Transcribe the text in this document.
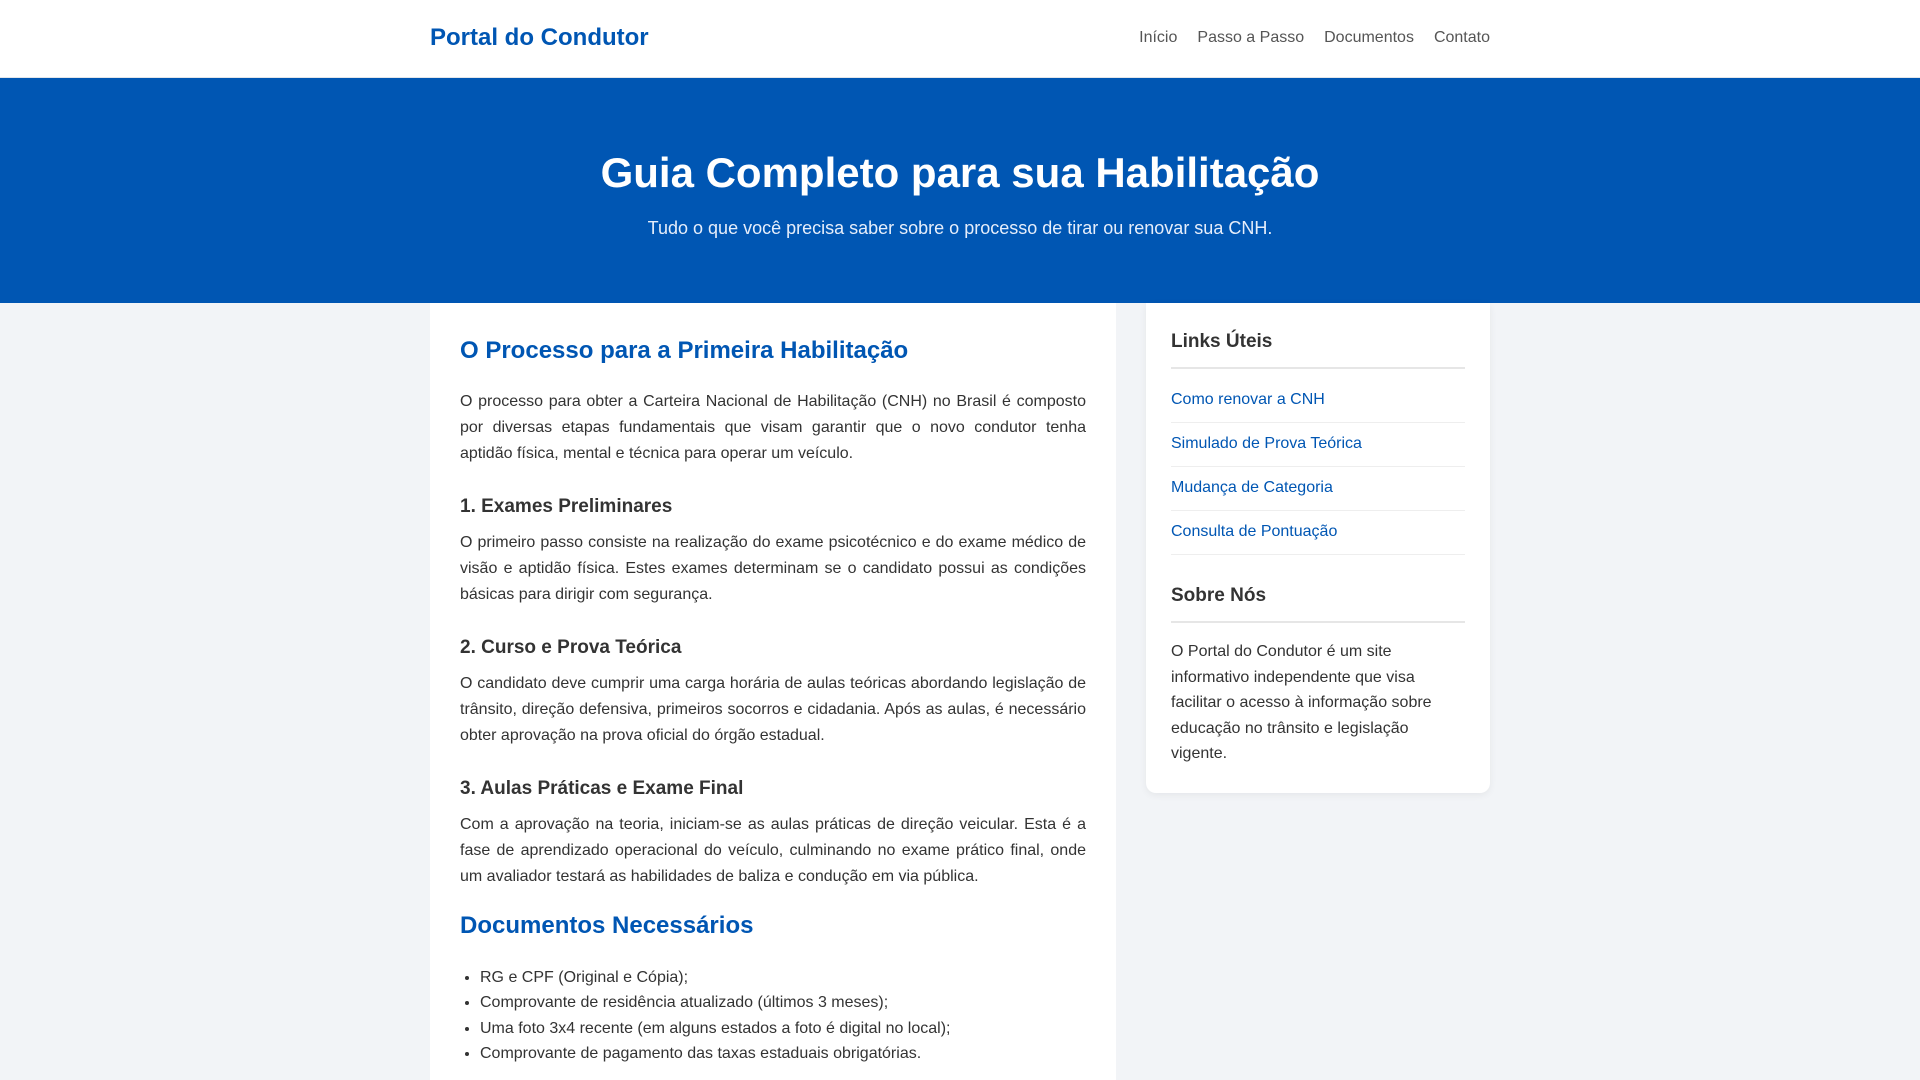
Portal do Condutor	Início Passo a Passo Documentos Contato
Guia Completo para sua Habilitação

Tudo o que você precisa saber sobre o processo de tirar ou renovar sua CNH.

O Processo para a Primeira Habilitação

O processo para obter a Carteira Nacional de Habilitação (CNH) no Brasil é composto por diversas etapas fundamentais que visam garantir que o novo condutor tenha aptidão física, mental e técnica para operar um veículo.

1. Exames Preliminares

O primeiro passo consiste na realização do exame psicotécnico e do exame médico de visão e aptidão física. Estes exames determinam se o candidato possui as condições básicas para dirigir com segurança.

2. Curso e Prova Teórica

O candidato deve cumprir uma carga horária de aulas teóricas abordando legislação de trânsito, direção defensiva, primeiros socorros e cidadania. Após as aulas, é necessário obter aprovação na prova oficial do órgão estadual.

3. Aulas Práticas e Exame Final

Com a aprovação na teoria, iniciam-se as aulas práticas de direção veicular. Esta é a fase de aprendizado operacional do veículo, culminando no exame prático final, onde um avaliador testará as habilidades de baliza e condução em via pública.

Documentos Necessários
• RG e CPF (Original e Cópia);
• Comprovante de residência atualizado (últimos 3 meses);
• Uma foto 3x4 recente (em alguns estados a foto é digital no local);
• Comprovante de pagamento das taxas estaduais obrigatórias.
Links Úteis
Como renovar a CNH
Simulado de Prova Teórica
Mudança de Categoria
Consulta de Pontuação
Sobre Nós

O Portal do Condutor é um site informativo independente que visa facilitar o acesso à informação sobre educação no trânsito e legislação vigente.
